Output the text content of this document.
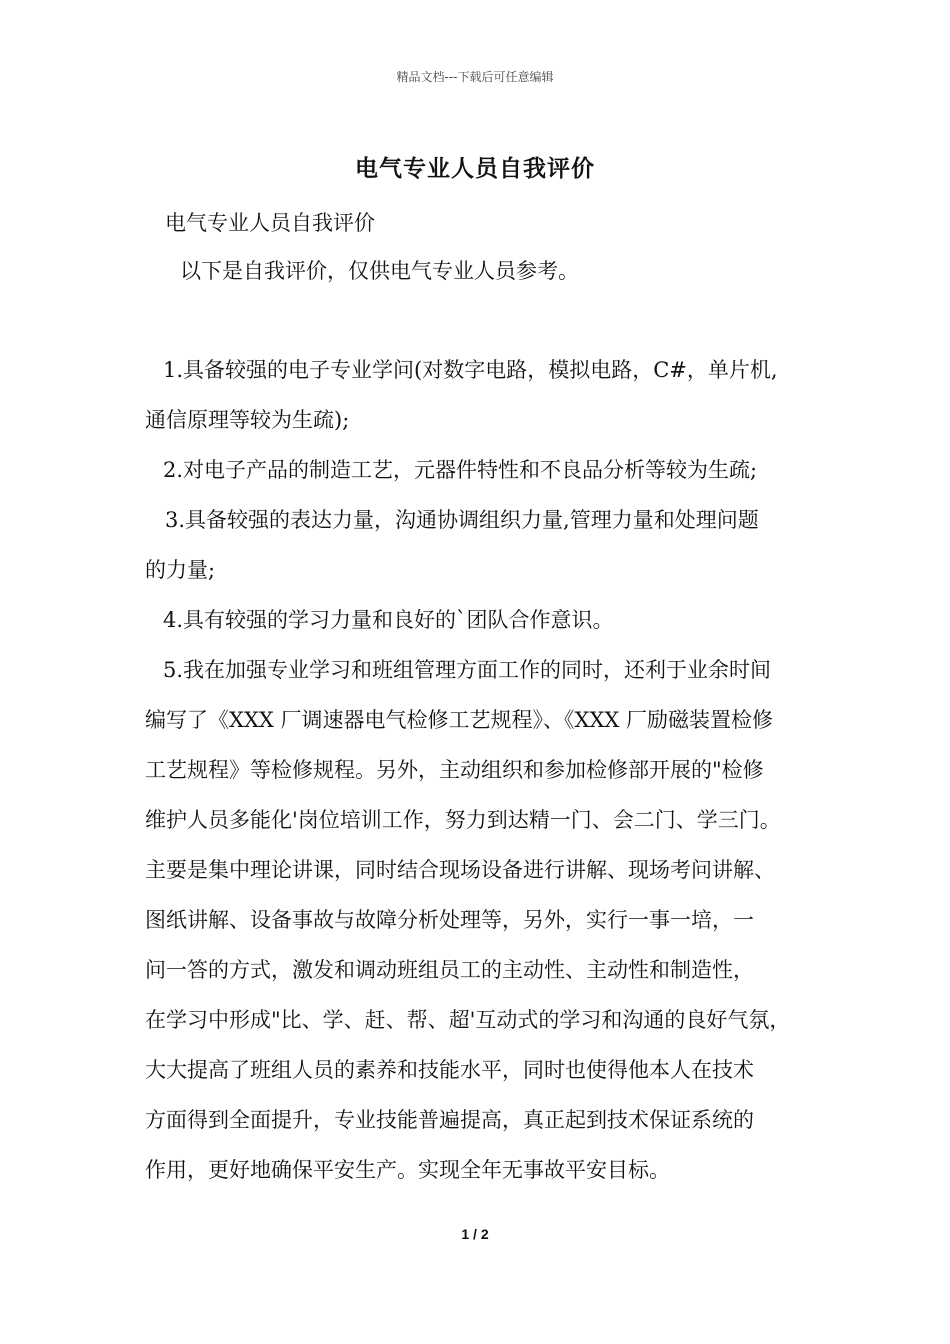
精品文档---下载后可任意编辑
电气专业人员自我评价
电气专业人员自我评价
以下是自我评价，仅供电气专业人员参考。
1.具备较强的电子专业学问(对数字电路，模拟电路，C#，单片机,
通信原理等较为生疏);
2.对电子产品的制造工艺，元器件特性和不良品分析等较为生疏;
3.具备较强的表达力量，沟通协调组织力量,管理力量和处理问题
的力量;
4.具有较强的学习力量和良好的`团队合作意识。
5.我在加强专业学习和班组管理方面工作的同时，还利于业余时间
编写了《XXX 厂调速器电气检修工艺规程》、《XXX 厂励磁装置检修
工艺规程》等检修规程。另外，主动组织和参加检修部开展的"检修
维护人员多能化'岗位培训工作，努力到达精一门、会二门、学三门。
主要是集中理论讲课，同时结合现场设备进行讲解、现场考问讲解、
图纸讲解、设备事故与故障分析处理等，另外，实行一事一培，一
问一答的方式，激发和调动班组员工的主动性、主动性和制造性，
在学习中形成"比、学、赶、帮、超'互动式的学习和沟通的良好气氛，
大大提高了班组人员的素养和技能水平，同时也使得他本人在技术
方面得到全面提升，专业技能普遍提高，真正起到技术保证系统的
作用，更好地确保平安生产。实现全年无事故平安目标。
1 / 2
